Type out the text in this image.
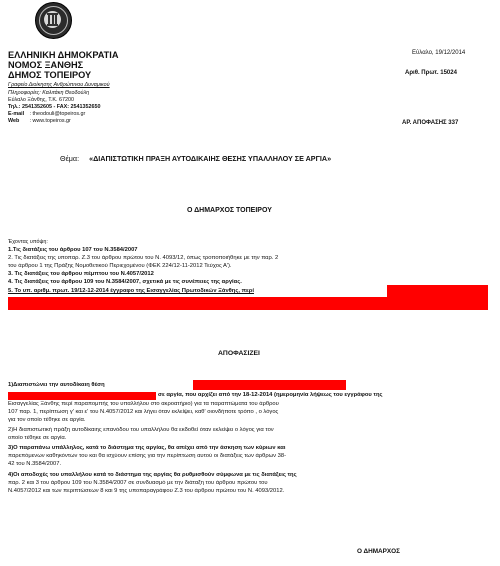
ΕΛΛΗΝΙΚΗ ΔΗΜΟΚΡΑΤΙΑ
ΝΟΜΟΣ ΞΑΝΘΗΣ
ΔΗΜΟΣ ΤΟΠΕΙΡΟΥ
Γραφείο Διοίκησης Ανθρώπινου Δυναμικού
Πληροφορίες: Καλιτάκη Θεοδούλη
Εύλαλο Ξάνθης, Τ.Κ. 67200
Τηλ.: 2541352605 - FAX: 2541352650
E-mail : theodouli@topeiros.gr
Web : www.topeiros.gr
Εύλαλο, 19/12/2014
Αριθ. Πρωτ. 15024
ΑΡ. ΑΠΟΦΑΣΗΣ 337
Θέμα: «ΔΙΑΠΙΣΤΩΤΙΚΗ ΠΡΑΞΗ ΑΥΤΟΔΙΚΑΙΗΣ ΘΕΣΗΣ ΥΠΑΛΛΗΛΟΥ ΣΕ ΑΡΓΙΑ»
Ο ΔΗΜΑΡΧΟΣ ΤΟΠΕΙΡΟΥ
Έχοντας υπόψη:
1.Τις διατάξεις του άρθρου 107 του Ν.3584/2007
2. Τις διατάξεις της υποπαρ. Ζ.3 του άρθρου πρώτου του Ν. 4093/12, όπως τροποποιήθηκε με την παρ. 2
του άρθρου 1 της Πράξης Νομοθετικού Περιεχομένου (ΦΕΚ 224/12-11-2012 Τεύχος Α').
3. Τις διατάξεις του άρθρου πέμπτου του Ν.4057/2012
4. Τις διατάξεις του άρθρου 109 του Ν.3584/2007, σχετικά με τις συνέπειες της αργίας.
5. Το υπ. αριθμ. πρωτ. 19/12-12-2014 έγγραφο της Εισαγγελίας Πρωτοδικών Ξάνθης, περί
ΑΠΟΦΑΣΙΖΕΙ
1)Διαπιστώνει την αυτοδίκαιη θέση
σε αργία, που αρχίζει από την 18-12-2014 (ημερομηνία λήψεως του εγγράφου της
Εισαγγελίας Ξάνθης περί παραπομπής του υπαλλήλου στο ακροατήριο) για τα παραπτώματα του άρθρου
107 παρ. 1, περίπτωση γ' και ε' του Ν.4057/2012 και λήγει όταν εκλείψει, καθ' οιονδήποτε τρόπο , ο λόγος
για τον οποίο τέθηκε σε αργία.
2)Η διαπιστωτική πράξη αυτοδίκαιης επανόδου του υπαλλήλου θα εκδοθεί όταν εκλείψει ο λόγος για τον
οποίο τέθηκε σε αργία.
3)Ο παραπάνω υπάλληλος, κατά το διάστημα της αργίας, θα απέχει από την άσκηση των κύριων και
παρεπόμενων καθηκόντων του και θα ισχύουν επίσης για την περίπτωση αυτού οι διατάξεις των άρθρων 38-
42 του Ν.3584/2007.
4)Οι αποδοχές του υπαλλήλου κατά το διάστημα της αργίας θα ρυθμισθούν σύμφωνα με τις διατάξεις της
παρ. 2 και 3 του άρθρου 109 του Ν.3584/2007 σε συνδυασμό με την διάταξη του άρθρου πρώτου του
Ν.4057/2012 και των περιπτώσεων 8 και 9 της υποπαραγράφου Ζ.3 του άρθρου πρώτου του Ν. 4093/2012.
Ο ΔΗΜΑΡΧΟΣ
